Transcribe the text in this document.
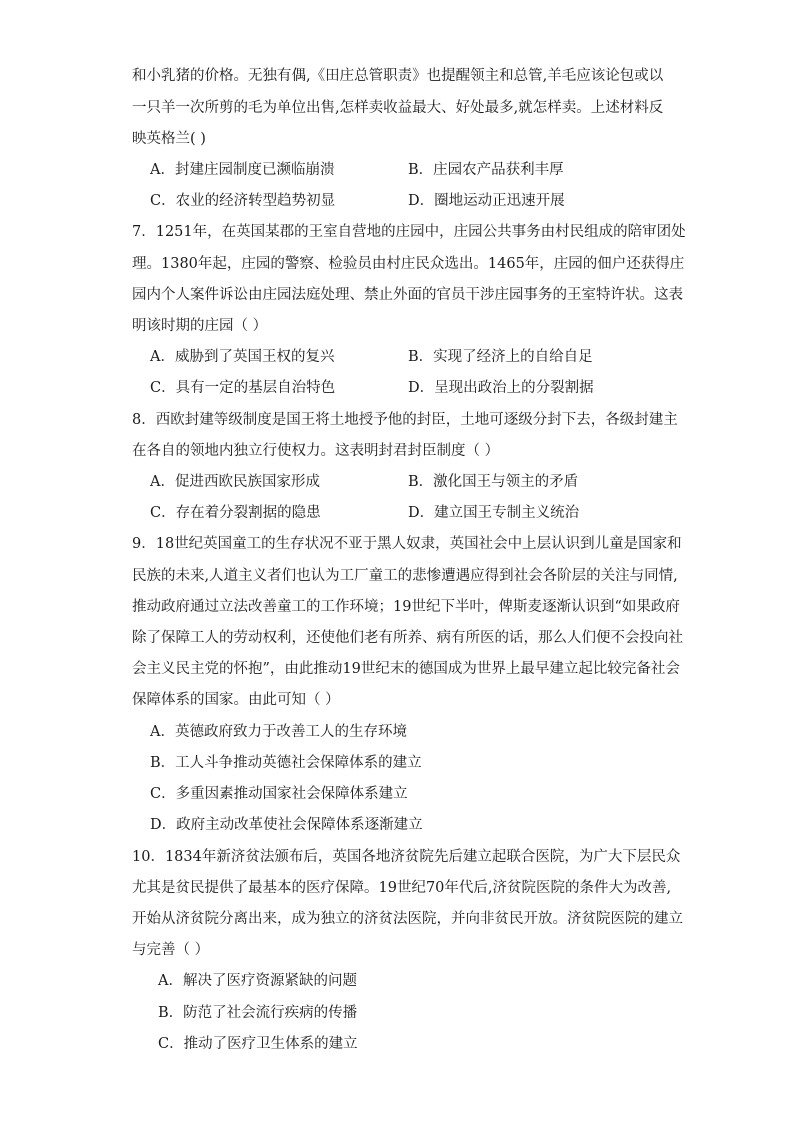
和小乳猪的价格。无独有偶,《田庄总管职责》也提醒领主和总管,羊毛应该论包或以
一只羊一次所剪的毛为单位出售,怎样卖收益最大、好处最多,就怎样卖。上述材料反
映英格兰( )
A．封建庄园制度已濒临崩溃	B．庄园农产品获利丰厚
C．农业的经济转型趋势初显	D．圈地运动正迅速开展
7．1251年，在英国某郡的王室自营地的庄园中，庄园公共事务由村民组成的陪审团处
理。1380年起，庄园的警察、检验员由村庄民众选出。1465年，庄园的佃户还获得庄
园内个人案件诉讼由庄园法庭处理、禁止外面的官员干涉庄园事务的王室特许状。这表
明该时期的庄园（ ）
A．威胁到了英国王权的复兴	B．实现了经济上的自给自足
C．具有一定的基层自治特色	D．呈现出政治上的分裂割据
8．西欧封建等级制度是国王将土地授予他的封臣，土地可逐级分封下去，各级封建主
在各自的领地内独立行使权力。这表明封君封臣制度（ ）
A．促进西欧民族国家形成	B．激化国王与领主的矛盾
C．存在着分裂割据的隐患	D．建立国王专制主义统治
9．18世纪英国童工的生存状况不亚于黑人奴隶，英国社会中上层认识到儿童是国家和
民族的未来,人道主义者们也认为工厂童工的悲惨遭遇应得到社会各阶层的关注与同情,
推动政府通过立法改善童工的工作环境；19世纪下半叶，俾斯麦逐渐认识到“如果政府
除了保障工人的劳动权利，还使他们老有所养、病有所医的话，那么人们便不会投向社
会主义民主党的怀抱”，由此推动19世纪末的德国成为世界上最早建立起比较完备社会
保障体系的国家。由此可知（ ）
A．英德政府致力于改善工人的生存环境
B．工人斗争推动英德社会保障体系的建立
C．多重因素推动国家社会保障体系建立
D．政府主动改革使社会保障体系逐渐建立
10．1834年新济贫法颁布后，英国各地济贫院先后建立起联合医院，为广大下层民众
尤其是贫民提供了最基本的医疗保障。19世纪70年代后,济贫院医院的条件大为改善,
开始从济贫院分离出来，成为独立的济贫法医院，并向非贫民开放。济贫院医院的建立
与完善（ ）
A．解决了医疗资源紧缺的问题
B．防范了社会流行疾病的传播
C．推动了医疗卫生体系的建立
